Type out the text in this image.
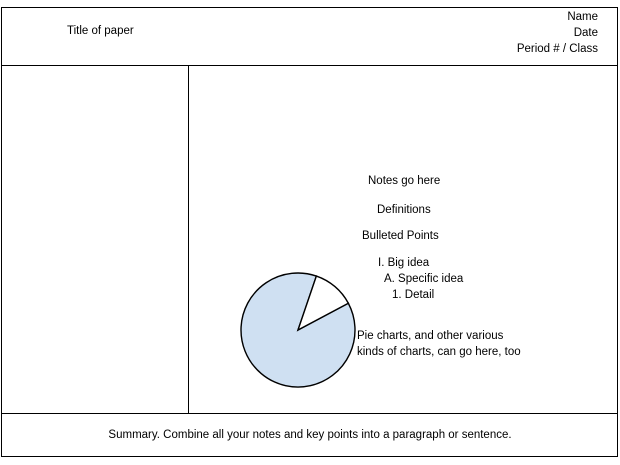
Title of paper
Name
Date
Period # / Class
Notes go here
Definitions
Bulleted Points
I. Big idea
A. Specific idea
1. Detail
Pie charts, and other various
kinds of charts, can go here, too
Summary. Combine all your notes and key points into a paragraph or sentence.
